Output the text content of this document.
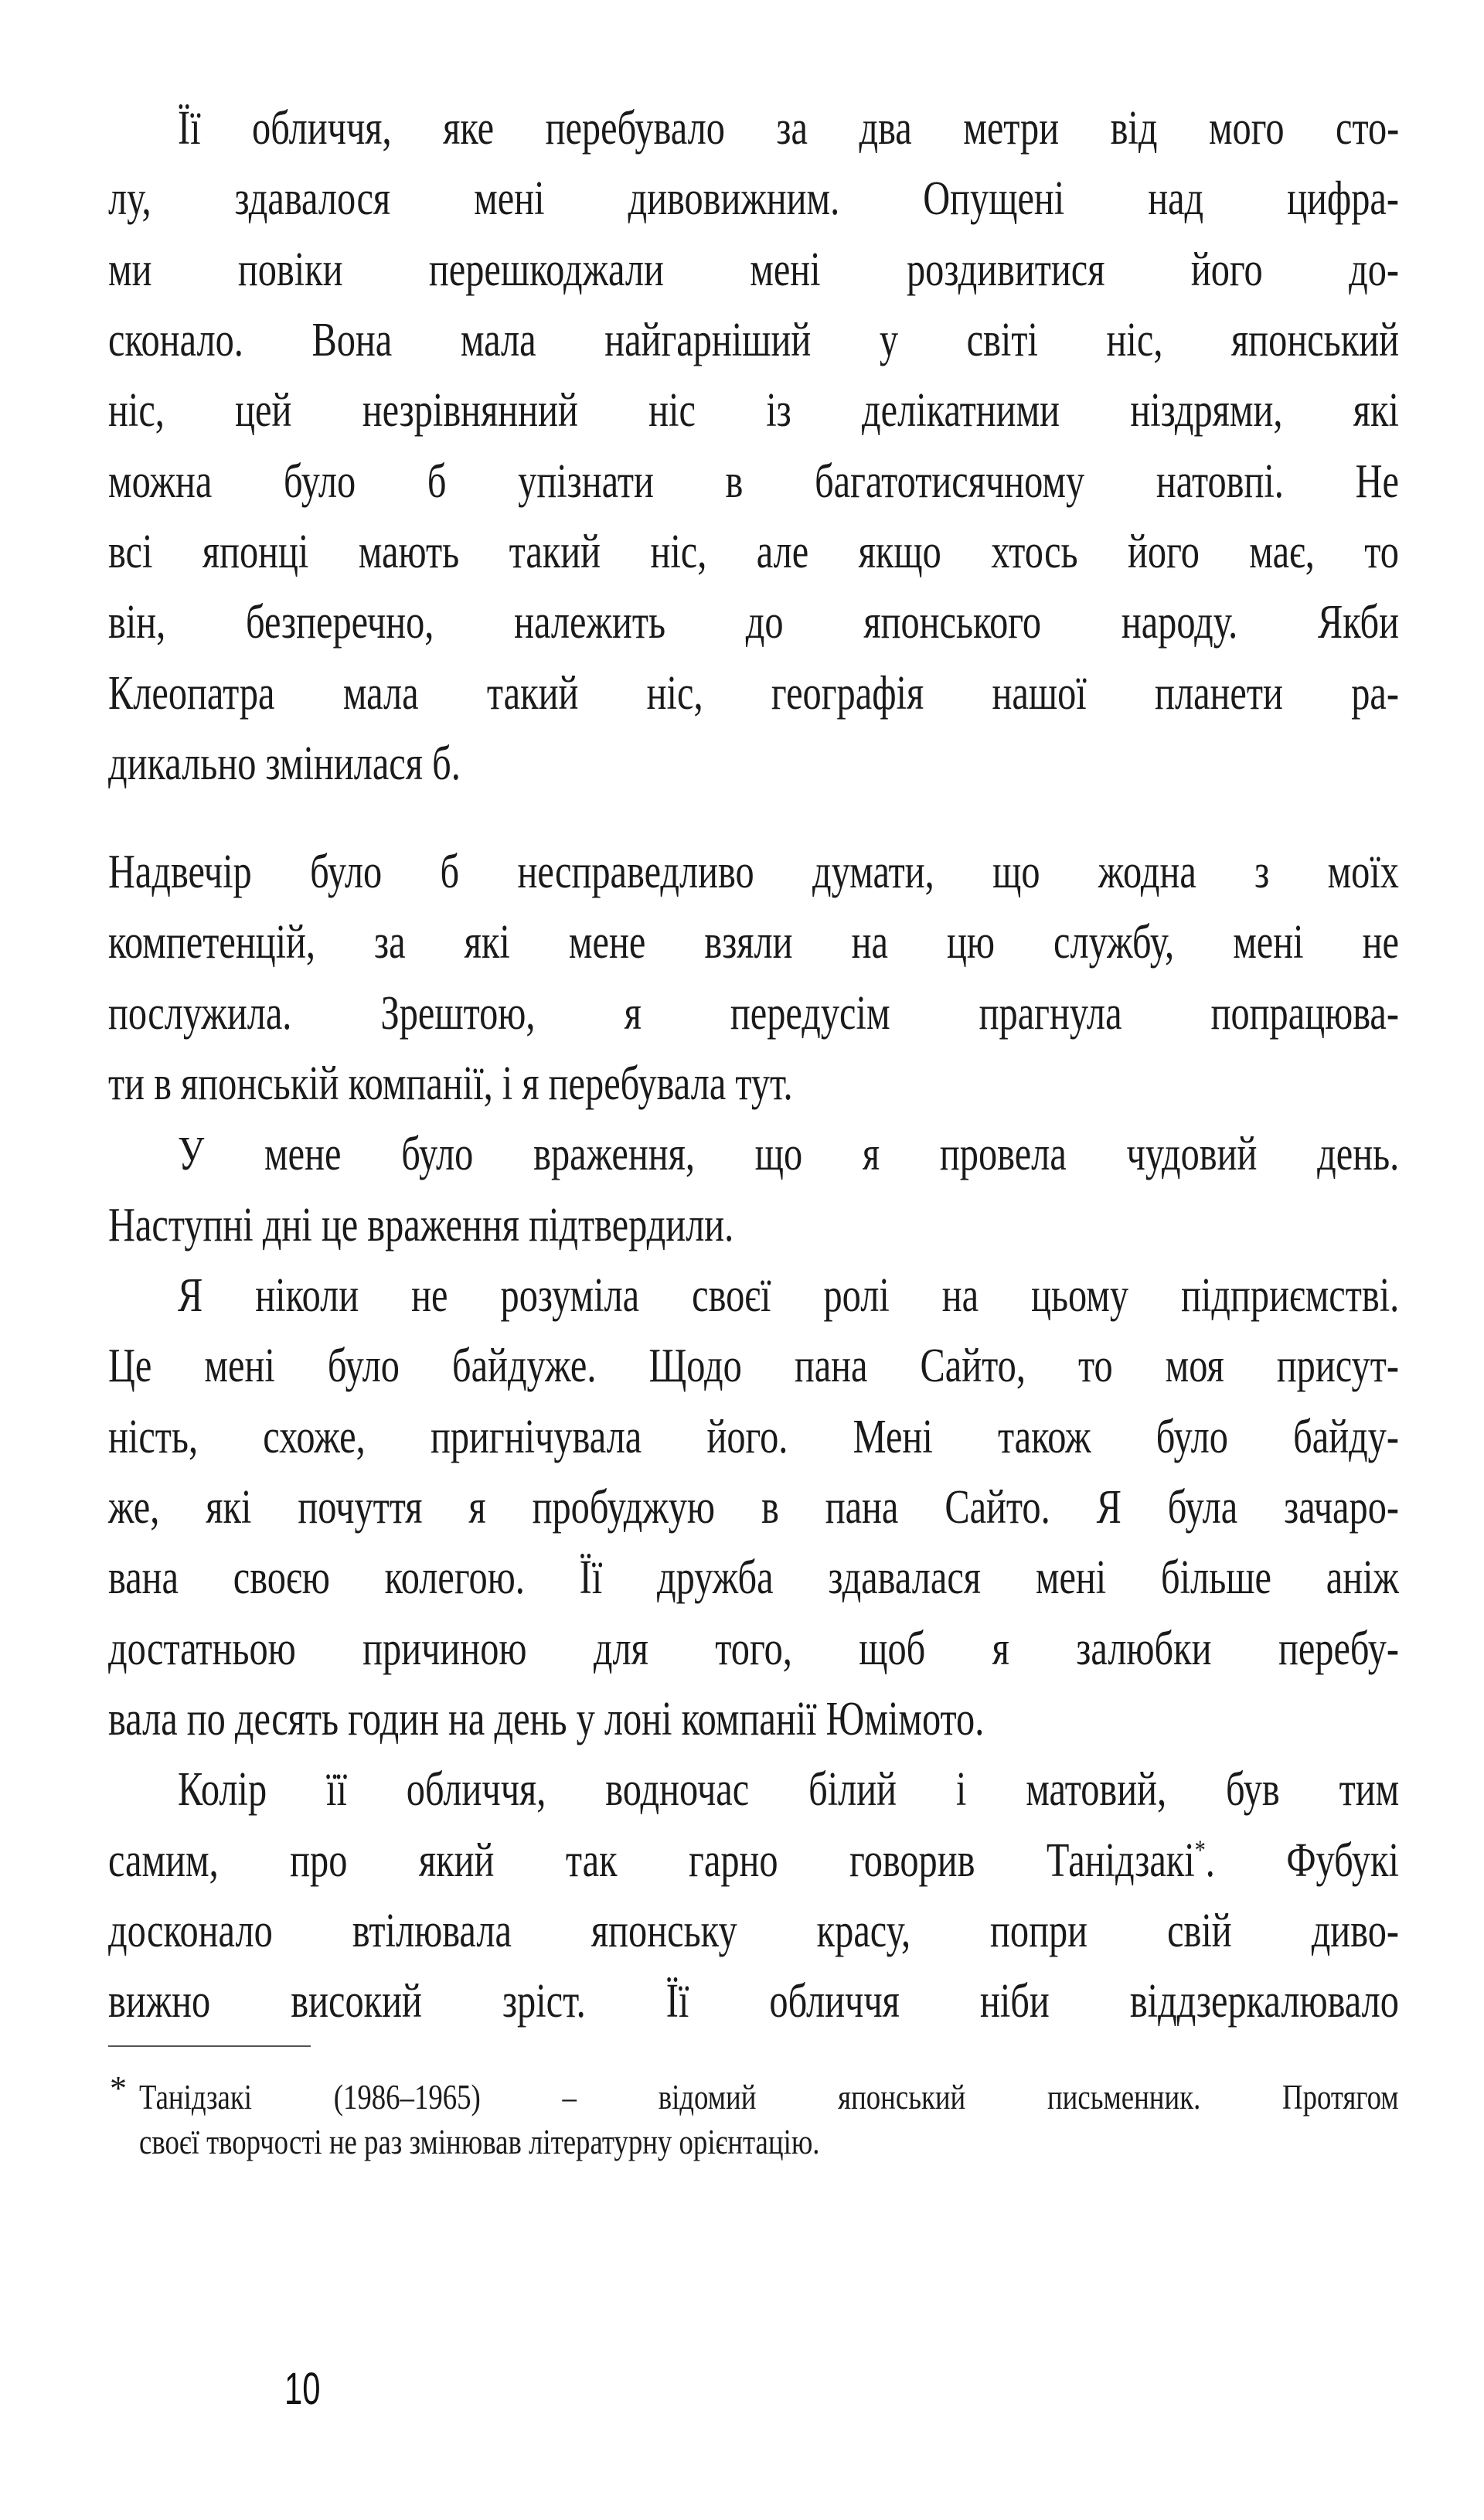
Її обличчя, яке перебувало за два метри від мого сто-
лу, здавалося мені дивовижним. Опущені над цифра-
ми повіки перешкоджали мені роздивитися його до-
сконало. Вона мала найгарніший у світі ніс, японський
ніс, цей незрівнянний ніс із делікатними ніздрями, які
можна було б упізнати в багатотисячному натовпі. Не
всі японці мають такий ніс, але якщо хтось його має, то
він, безперечно, належить до японського народу. Якби
Клеопатра мала такий ніс, географія нашої планети ра-
дикально змінилася б.
Надвечір було б несправедливо думати, що жодна з моїх
компетенцій, за які мене взяли на цю службу, мені не
послужила. Зрештою, я передусім прагнула попрацюва-
ти в японській компанії, і я перебувала тут.
У мене було враження, що я провела чудовий день.
Наступні дні це враження підтвердили.
Я ніколи не розуміла своєї ролі на цьому підприємстві.
Це мені було байдуже. Щодо пана Сайто, то моя присут-
ність, схоже, пригнічувала його. Мені також було байду-
же, які почуття я пробуджую в пана Сайто. Я була зачаро-
вана своєю колегою. Її дружба здавалася мені більше аніж
достатньою причиною для того, щоб я залюбки перебу-
вала по десять годин на день у лоні компанії Юмімото.
Колір її обличчя, водночас білий і матовий, був тим
самим, про який так гарно говорив Танідзакі*. Фубукі
досконало втілювала японську красу, попри свій диво-
вижно високий зріст. Її обличчя ніби віддзеркалювало
* Танідзакі (1986–1965) – відомий японський письменник. Протягом
своєї творчості не раз змінював літературну орієнтацію.
10
